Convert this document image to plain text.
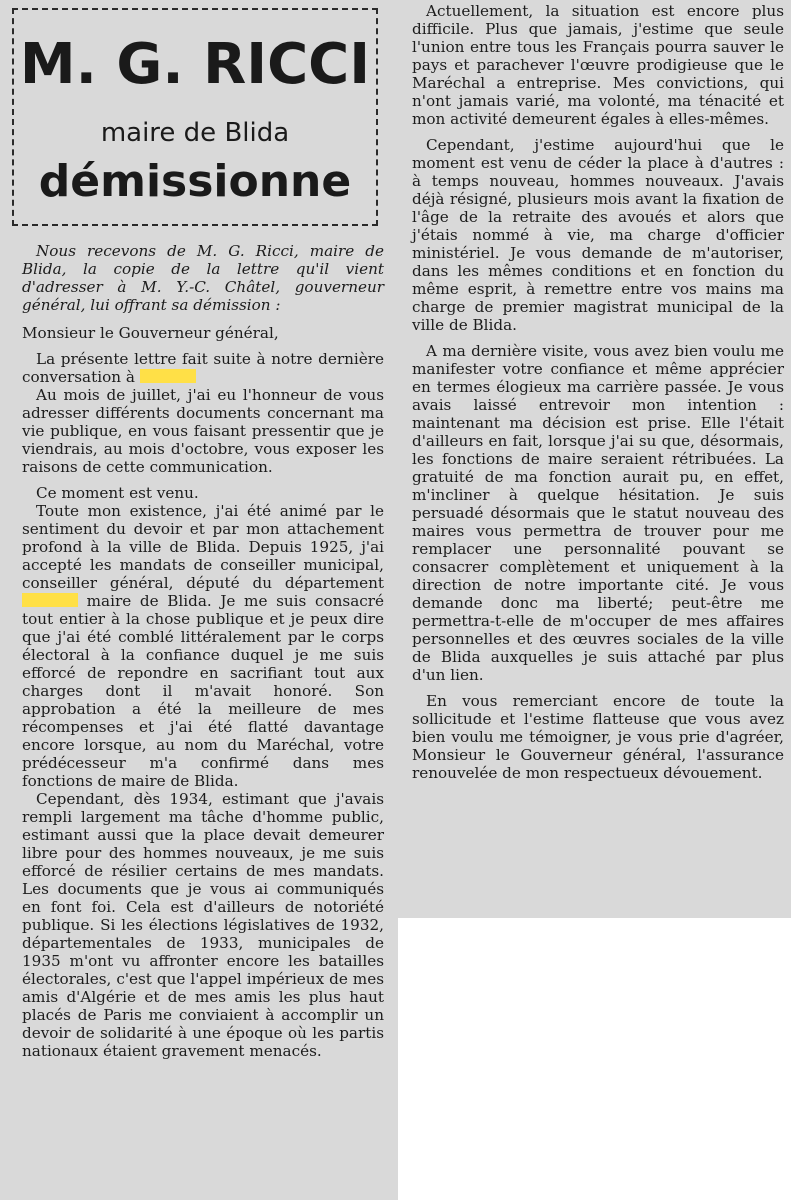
M. G. RICCI
maire de Blida
démissionne

Nous recevons de M. G. Ricci, maire de Blida, la copie de la lettre qu'il vient d'adresser à M. Y.-C. Châtel, gouverneur général, lui offrant sa démission :

Monsieur le Gouverneur général,

La présente lettre fait suite à notre dernière conversation à

Au mois de juillet, j'ai eu l'honneur de vous adresser différents documents concernant ma vie publique, en vous faisant pressentir que je viendrais, au mois d'octobre, vous exposer les raisons de cette communication.

Ce moment est venu.

Toute mon existence, j'ai été animé par le sentiment du devoir et par mon attachement profond à la ville de Blida. Depuis 1925, j'ai accepté les mandats de conseiller municipal, conseiller général, député du département  maire de Blida. Je me suis consacré tout entier à la chose publique et je peux dire que j'ai été comblé littéralement par le corps électoral à la confiance duquel je me suis efforcé de repondre en sacrifiant tout aux charges dont il m'avait honoré. Son approbation a été la meilleure de mes récompenses et j'ai été flatté davantage encore lorsque, au nom du Maréchal, votre prédécesseur m'a confirmé dans mes fonctions de maire de Blida.

Cependant, dès 1934, estimant que j'avais rempli largement ma tâche d'homme public, estimant aussi que la place devait demeurer libre pour des hommes nouveaux, je me suis efforcé de résilier certains de mes mandats. Les documents que je vous ai communiqués en font foi. Cela est d'ailleurs de notoriété publique. Si les élections législatives de 1932, départementales de 1933, municipales de 1935 m'ont vu affronter encore les batailles électorales, c'est que l'appel impérieux de mes amis d'Algérie et de mes amis les plus haut placés de Paris me conviaient à accomplir un devoir de solidarité à une époque où les partis nationaux étaient gravement menacés.

Actuellement, la situation est encore plus difficile. Plus que jamais, j'estime que seule l'union entre tous les Français pourra sauver le pays et parachever l'œuvre prodigieuse que le Maréchal a entreprise. Mes convictions, qui n'ont jamais varié, ma volonté, ma ténacité et mon activité demeurent égales à elles-mêmes.

Cependant, j'estime aujourd'hui que le moment est venu de céder la place à d'autres : à temps nouveau, hommes nouveaux. J'avais déjà résigné, plusieurs mois avant la fixation de l'âge de la retraite des avoués et alors que j'étais nommé à vie, ma charge d'officier ministériel. Je vous demande de m'autoriser, dans les mêmes conditions et en fonction du même esprit, à remettre entre vos mains ma charge de premier magistrat municipal de la ville de Blida.

A ma dernière visite, vous avez bien voulu me manifester votre confiance et même apprécier en termes élogieux ma carrière passée. Je vous avais laissé entrevoir mon intention : maintenant ma décision est prise. Elle l'était d'ailleurs en fait, lorsque j'ai su que, désormais, les fonctions de maire seraient rétribuées. La gratuité de ma fonction aurait pu, en effet, m'incliner à quelque hésitation. Je suis persuadé désormais que le statut nouveau des maires vous permettra de trouver pour me remplacer une personnalité pouvant se consacrer complètement et uniquement à la direction de notre importante cité. Je vous demande donc ma liberté; peut-être me permettra-t-elle de m'occuper de mes affaires personnelles et des œuvres sociales de la ville de Blida auxquelles je suis attaché par plus d'un lien.

En vous remerciant encore de toute la sollicitude et l'estime flatteuse que vous avez bien voulu me témoigner, je vous prie d'agréer, Monsieur le Gouverneur général, l'assurance renouvelée de mon respectueux dévouement.
